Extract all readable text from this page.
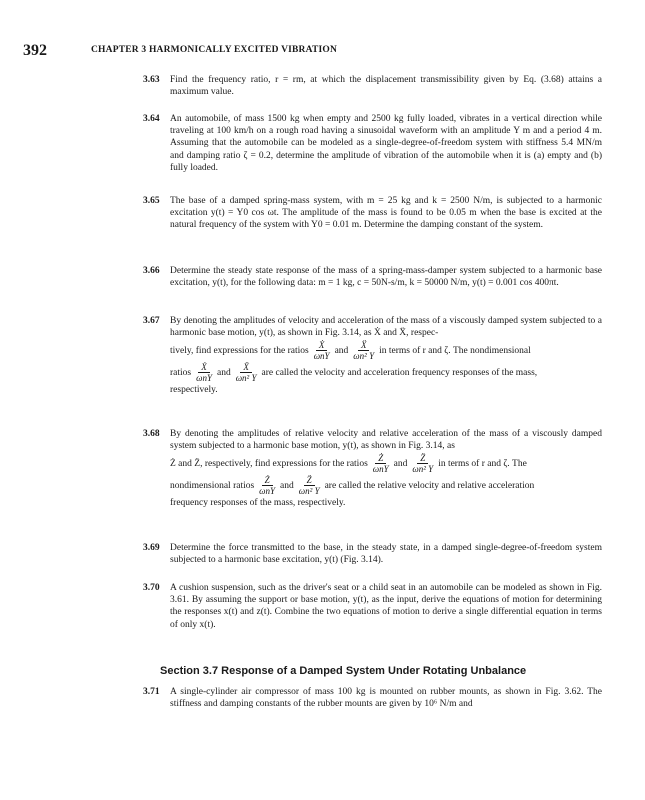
392	CHAPTER 3 HARMONICALLY EXCITED VIBRATION
3.63 Find the frequency ratio, r = rm, at which the displacement transmissibility given by Eq. (3.68) attains a maximum value.
3.64 An automobile, of mass 1500 kg when empty and 2500 kg fully loaded, vibrates in a vertical direction while traveling at 100 km/h on a rough road having a sinusoidal waveform with an amplitude Y m and a period 4 m. Assuming that the automobile can be modeled as a single-degree-of-freedom system with stiffness 5.4 MN/m and damping ratio ζ = 0.2, determine the amplitude of vibration of the automobile when it is (a) empty and (b) fully loaded.
3.65 The base of a damped spring-mass system, with m = 25 kg and k = 2500 N/m, is subjected to a harmonic excitation y(t) = Y0 cos ωt. The amplitude of the mass is found to be 0.05 m when the base is excited at the natural frequency of the system with Y0 = 0.01 m. Determine the damping constant of the system.
3.66 Determine the steady state response of the mass of a spring-mass-damper system subjected to a harmonic base excitation, y(t), for the following data: m = 1 kg, c = 50N-s/m, k = 50000 N/m, y(t) = 0.001 cos 400πt.
3.67 By denoting the amplitudes of velocity and acceleration of the mass of a viscously damped system subjected to a harmonic base motion, y(t), as shown in Fig. 3.14, as Ẋ and Ẍ, respec-
tively, find expressions for the ratios $\frac{\text{Ẋ}}{\text{ωnY}}$ and $\frac{\text{Ẍ}}{\text{ωn² Y}}$ in terms of r and ζ. The nondimensional
ratios $\frac{\text{Ẋ}}{\text{ωnY}}$ and $\frac{\text{Ẍ}}{\text{ωn² Y}}$ are called the velocity and acceleration frequency responses of the mass,
respectively.
3.68 By denoting the amplitudes of relative velocity and relative acceleration of the mass of a viscously damped system subjected to a harmonic base motion, y(t), as shown in Fig. 3.14, as
Ż and Z̈, respectively, find expressions for the ratios $\frac{Ż}{\text{ωnY}}$ and $\frac{Z̈}{\text{ωn² Y}}$ in terms of r and ζ. The
nondimensional ratios $\frac{Ż}{\text{ωnY}}$ and $\frac{Z̈}{\text{ωn² Y}}$ are called the relative velocity and relative acceleration
frequency responses of the mass, respectively.
3.69 Determine the force transmitted to the base, in the steady state, in a damped single-degree-of-freedom system subjected to a harmonic base excitation, y(t) (Fig. 3.14).
3.70 A cushion suspension, such as the driver's seat or a child seat in an automobile can be modeled as shown in Fig. 3.61. By assuming the support or base motion, y(t), as the input, derive the equations of motion for determining the responses x(t) and z(t). Combine the two equations of motion to derive a single differential equation in terms of only x(t).
Section 3.7 Response of a Damped System Under Rotating Unbalance
3.71 A single-cylinder air compressor of mass 100 kg is mounted on rubber mounts, as shown in Fig. 3.62. The stiffness and damping constants of the rubber mounts are given by 10⁶ N/m and
